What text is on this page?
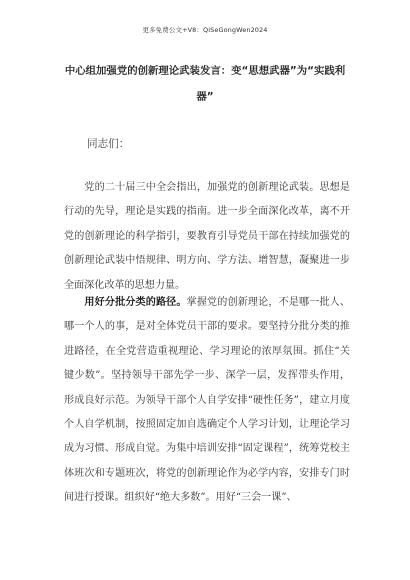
更多免费公文+V8：QiSeGongWen2024
中心组加强党的创新理论武装发言：变“思想武器”为“实践利器”
同志们：
　　党的二十届三中全会指出，加强党的创新理论武装。思想是行动的先导，理论是实践的指南。进一步全面深化改革，离不开党的创新理论的科学指引，要教育引导党员干部在持续加强党的创新理论武装中悟规律、明方向、学方法、增智慧，凝聚进一步全面深化改革的思想力量。
　　用好分批分类的路径。掌握党的创新理论，不是哪一批人、哪一个人的事，是对全体党员干部的要求。要坚持分批分类的推进路径，在全党营造重视理论、学习理论的浓厚氛围。抓住“关键少数”。坚持领导干部先学一步、深学一层，发挥带头作用，形成良好示范。为领导干部个人自学安排“硬性任务”，建立月度个人自学机制，按照固定加自选确定个人学习计划，让理论学习成为习惯、形成自觉。为集中培训安排“固定课程”，统筹党校主体班次和专题班次，将党的创新理论作为必学内容，安排专门时间进行授课。组织好“绝大多数”。用好“三会一课”、
